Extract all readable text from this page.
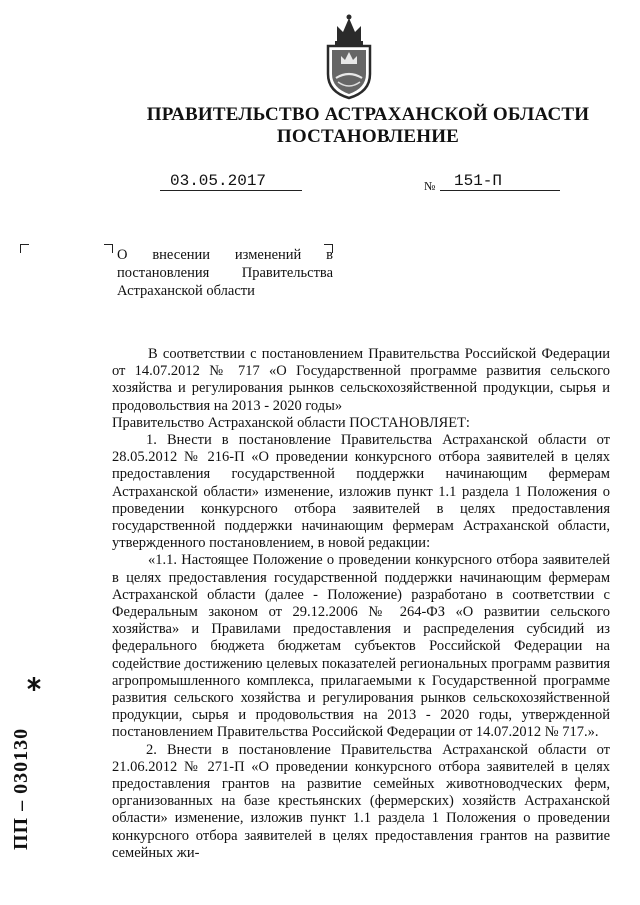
ПРАВИТЕЛЬСТВО АСТРАХАНСКОЙ ОБЛАСТИ
ПОСТАНОВЛЕНИЕ
03.05.2017	№	151-П
О внесении изменений в постановления Правительства Астраханской области

В соответствии с постановлением Правительства Российской Федерации от 14.07.2012 № 717 «О Государственной программе развития сельского хозяйства и регулирования рынков сельскохозяйственной продукции, сырья и продовольствия на 2013 - 2020 годы»

Правительство Астраханской области ПОСТАНОВЛЯЕТ:

1. Внести в постановление Правительства Астраханской области от 28.05.2012 № 216-П «О проведении конкурсного отбора заявителей в целях предоставления государственной поддержки начинающим фермерам Астраханской области» изменение, изложив пункт 1.1 раздела 1 Положения о проведении конкурсного отбора заявителей в целях предоставления государственной поддержки начинающим фермерам Астраханской области, утвержденного постановлением, в новой редакции:

«1.1. Настоящее Положение о проведении конкурсного отбора заявителей в целях предоставления государственной поддержки начинающим фермерам Астраханской области (далее - Положение) разработано в соответствии с Федеральным законом от 29.12.2006 № 264-ФЗ «О развитии сельского хозяйства» и Правилами предоставления и распределения субсидий из федерального бюджета бюджетам субъектов Российской Федерации на содействие достижению целевых показателей региональных программ развития агропромышленного комплекса, прилагаемыми к Государственной программе развития сельского хозяйства и регулирования рынков сельскохозяйственной продукции, сырья и продовольствия на 2013 - 2020 годы, утвержденной постановлением Правительства Российской Федерации от 14.07.2012 № 717.».

2. Внести в постановление Правительства Астраханской области от 21.06.2012 № 271-П «О проведении конкурсного отбора заявителей в целях предоставления грантов на развитие семейных животноводческих ферм, организованных на базе крестьянских (фермерских) хозяйств Астраханской области» изменение, изложив пункт 1.1 раздела 1 Положения о проведении конкурсного отбора заявителей в целях предоставления грантов на развитие семейных жи-

ПП – 030130
